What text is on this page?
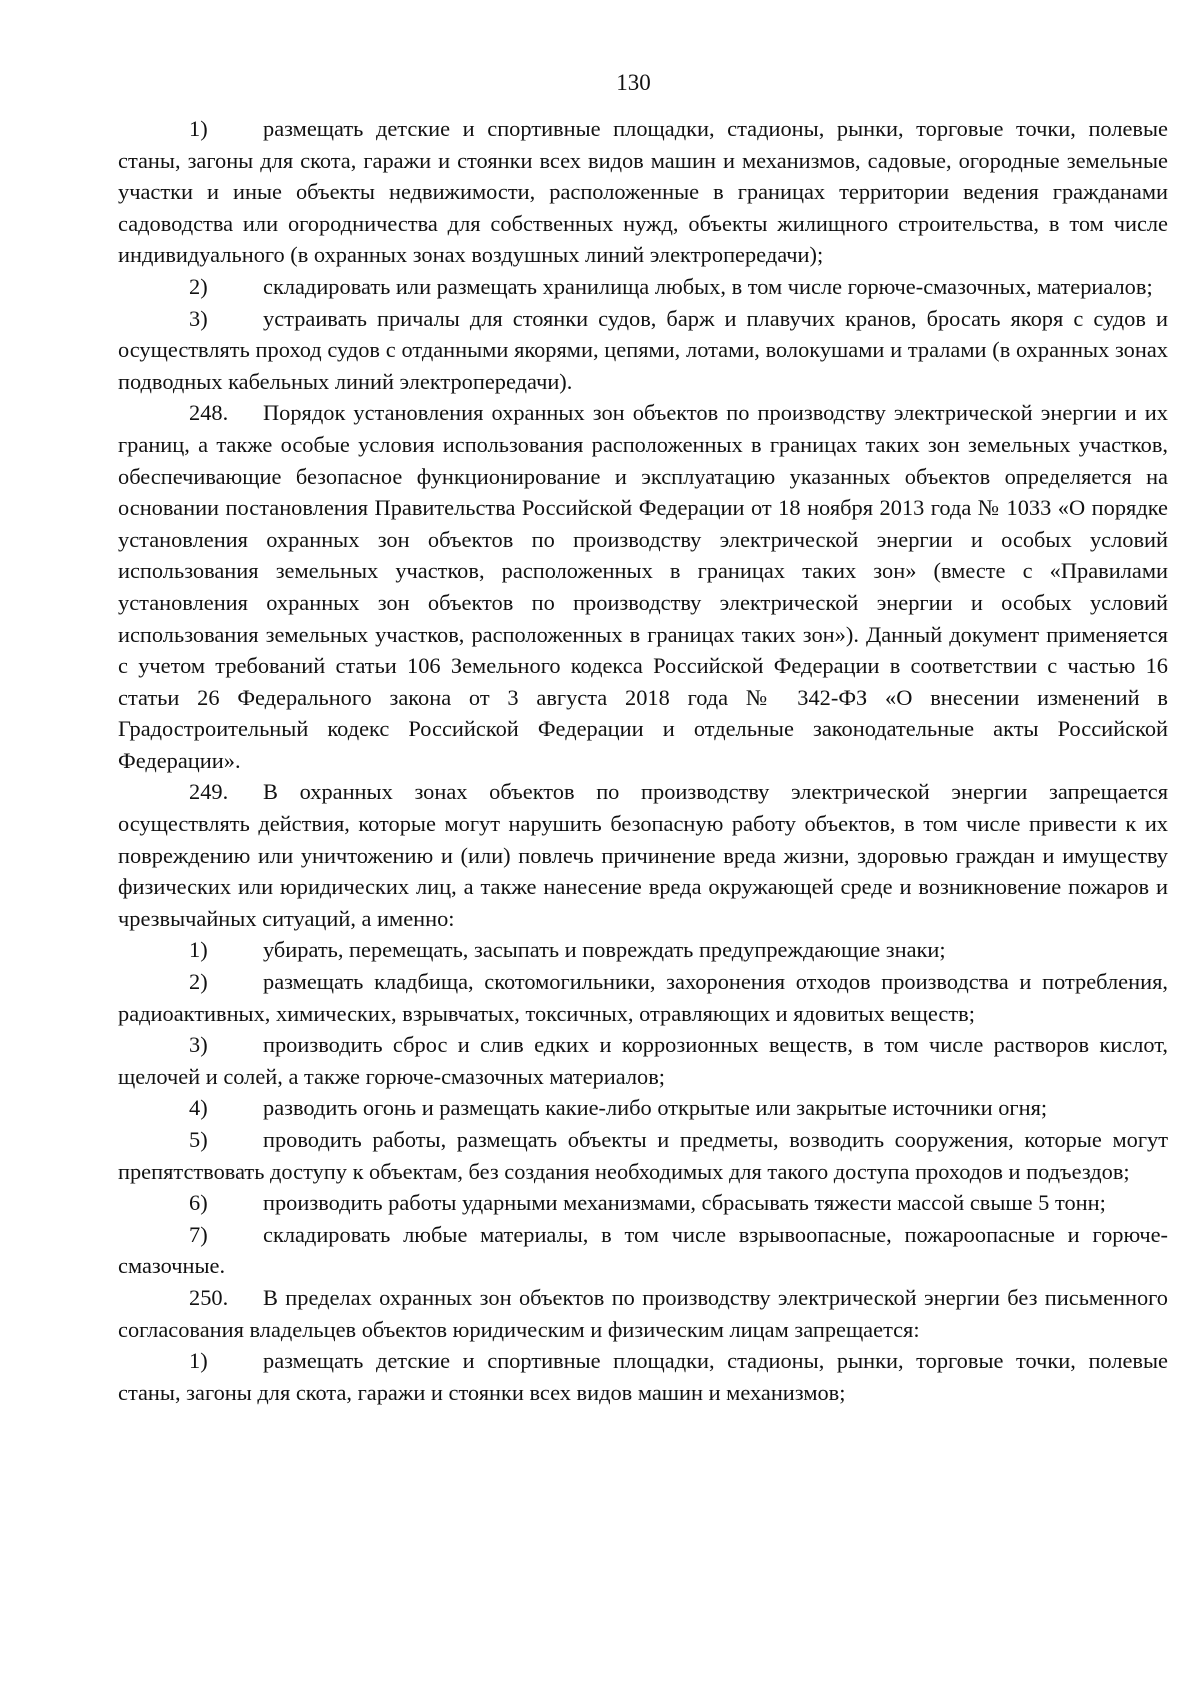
130

1) размещать детские и спортивные площадки, стадионы, рынки, торговые точки, полевые станы, загоны для скота, гаражи и стоянки всех видов машин и механизмов, садовые, огородные земельные участки и иные объекты недвижимости, расположенные в границах территории ведения гражданами садоводства или огородничества для собственных нужд, объекты жилищного строительства, в том числе индивидуального (в охранных зонах воздушных линий электропередачи);

2) складировать или размещать хранилища любых, в том числе горюче-смазочных, материалов;

3) устраивать причалы для стоянки судов, барж и плавучих кранов, бросать якоря с судов и осуществлять проход судов с отданными якорями, цепями, лотами, волокушами и тралами (в охранных зонах подводных кабельных линий электропередачи).

248. Порядок установления охранных зон объектов по производству электрической энергии и их границ, а также особые условия использования расположенных в границах таких зон земельных участков, обеспечивающие безопасное функционирование и эксплуатацию указанных объектов определяется на основании постановления Правительства Российской Федерации от 18 ноября 2013 года № 1033 «О порядке установления охранных зон объектов по производству электрической энергии и особых условий использования земельных участков, расположенных в границах таких зон» (вместе с «Правилами установления охранных зон объектов по производству электрической энергии и особых условий использования земельных участков, расположенных в границах таких зон»). Данный документ применяется с учетом требований статьи 106 Земельного кодекса Российской Федерации в соответствии с частью 16 статьи 26 Федерального закона от 3 августа 2018 года № 342-ФЗ «О внесении изменений в Градостроительный кодекс Российской Федерации и отдельные законодательные акты Российской Федерации».

249. В охранных зонах объектов по производству электрической энергии запрещается осуществлять действия, которые могут нарушить безопасную работу объектов, в том числе привести к их повреждению или уничтожению и (или) повлечь причинение вреда жизни, здоровью граждан и имуществу физических или юридических лиц, а также нанесение вреда окружающей среде и возникновение пожаров и чрезвычайных ситуаций, а именно:

1) убирать, перемещать, засыпать и повреждать предупреждающие знаки;

2) размещать кладбища, скотомогильники, захоронения отходов производства и потребления, радиоактивных, химических, взрывчатых, токсичных, отравляющих и ядовитых веществ;

3) производить сброс и слив едких и коррозионных веществ, в том числе растворов кислот, щелочей и солей, а также горюче-смазочных материалов;

4) разводить огонь и размещать какие-либо открытые или закрытые источники огня;

5) проводить работы, размещать объекты и предметы, возводить сооружения, которые могут препятствовать доступу к объектам, без создания необходимых для такого доступа проходов и подъездов;

6) производить работы ударными механизмами, сбрасывать тяжести массой свыше 5 тонн;

7) складировать любые материалы, в том числе взрывоопасные, пожароопасные и горюче-смазочные.

250. В пределах охранных зон объектов по производству электрической энергии без письменного согласования владельцев объектов юридическим и физическим лицам запрещается:

1) размещать детские и спортивные площадки, стадионы, рынки, торговые точки, полевые станы, загоны для скота, гаражи и стоянки всех видов машин и механизмов;
